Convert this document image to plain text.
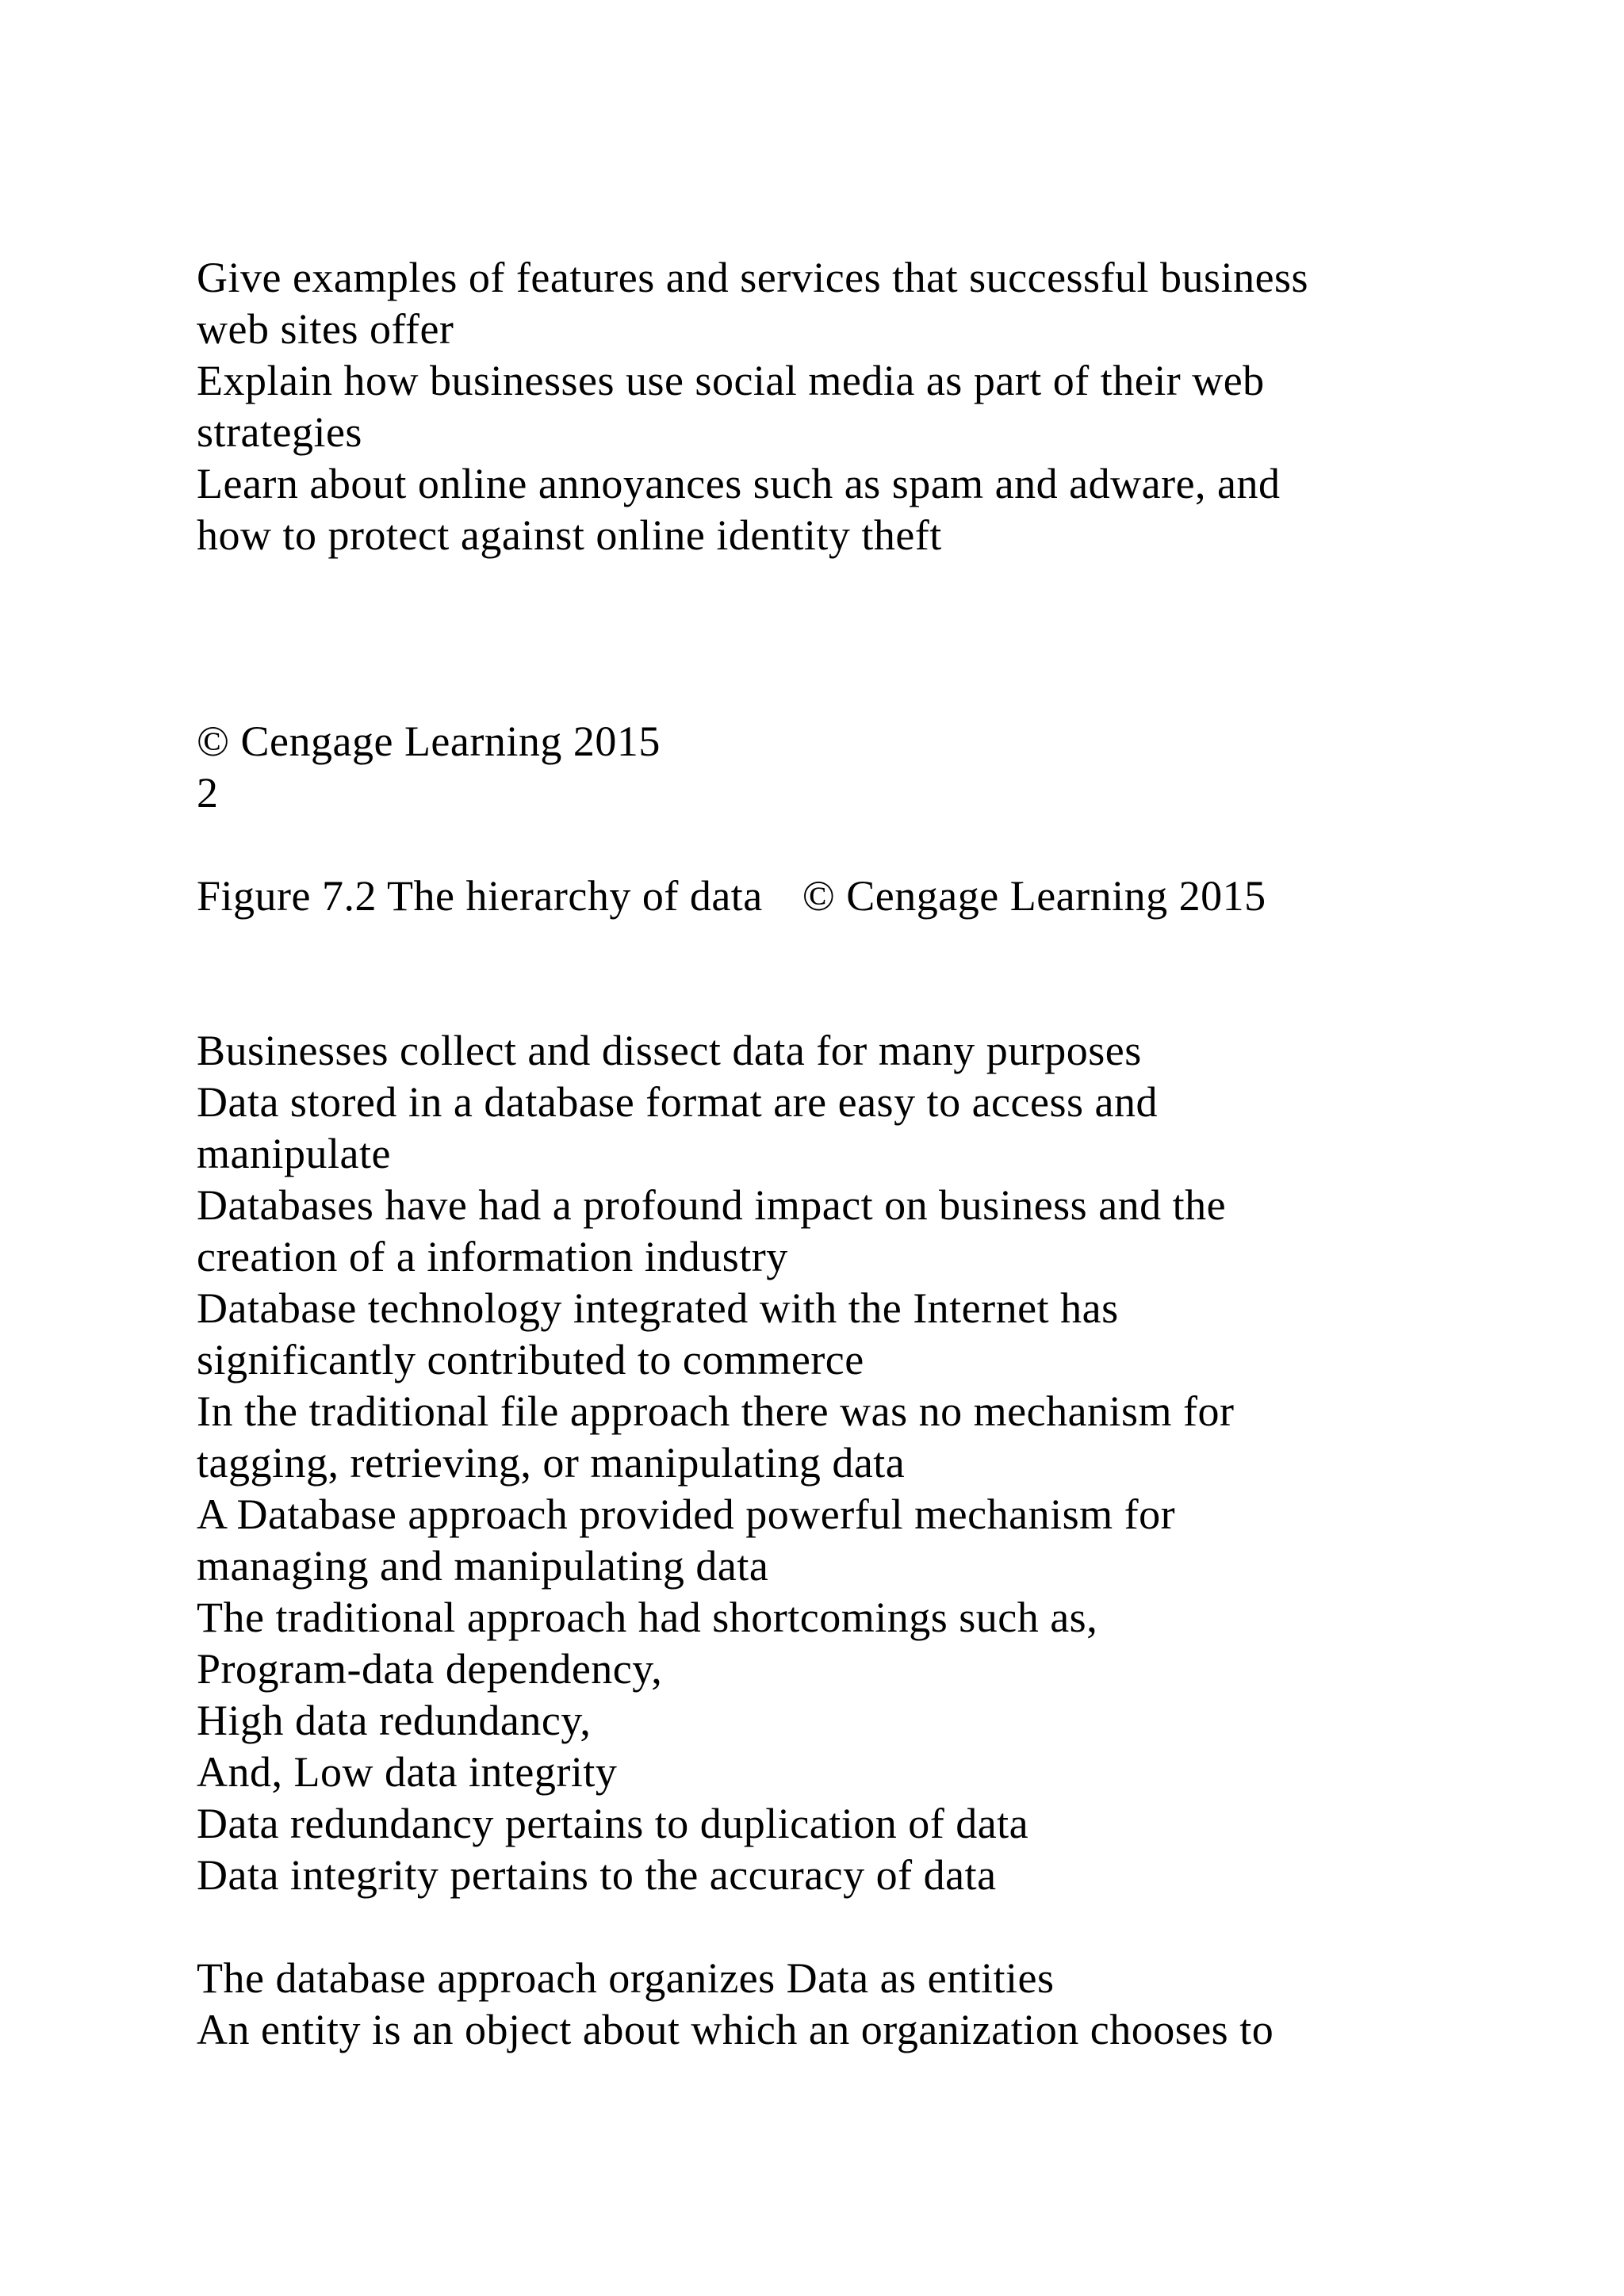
Give examples of features and services that successful business
web sites offer
Explain how businesses use social media as part of their web
strategies
Learn about online annoyances such as spam and adware, and
how to protect against online identity theft
© Cengage Learning 2015
2
Figure 7.2 The hierarchy of data © Cengage Learning 2015
Businesses collect and dissect data for many purposes
Data stored in a database format are easy to access and
manipulate
Databases have had a profound impact on business and the
creation of a information industry
Database technology integrated with the Internet has
significantly contributed to commerce
In the traditional file approach there was no mechanism for
tagging, retrieving, or manipulating data
A Database approach provided powerful mechanism for
managing and manipulating data
The traditional approach had shortcomings such as,
Program-data dependency,
High data redundancy,
And, Low data integrity
Data redundancy pertains to duplication of data
Data integrity pertains to the accuracy of data
The database approach organizes Data as entities
An entity is an object about which an organization chooses to
